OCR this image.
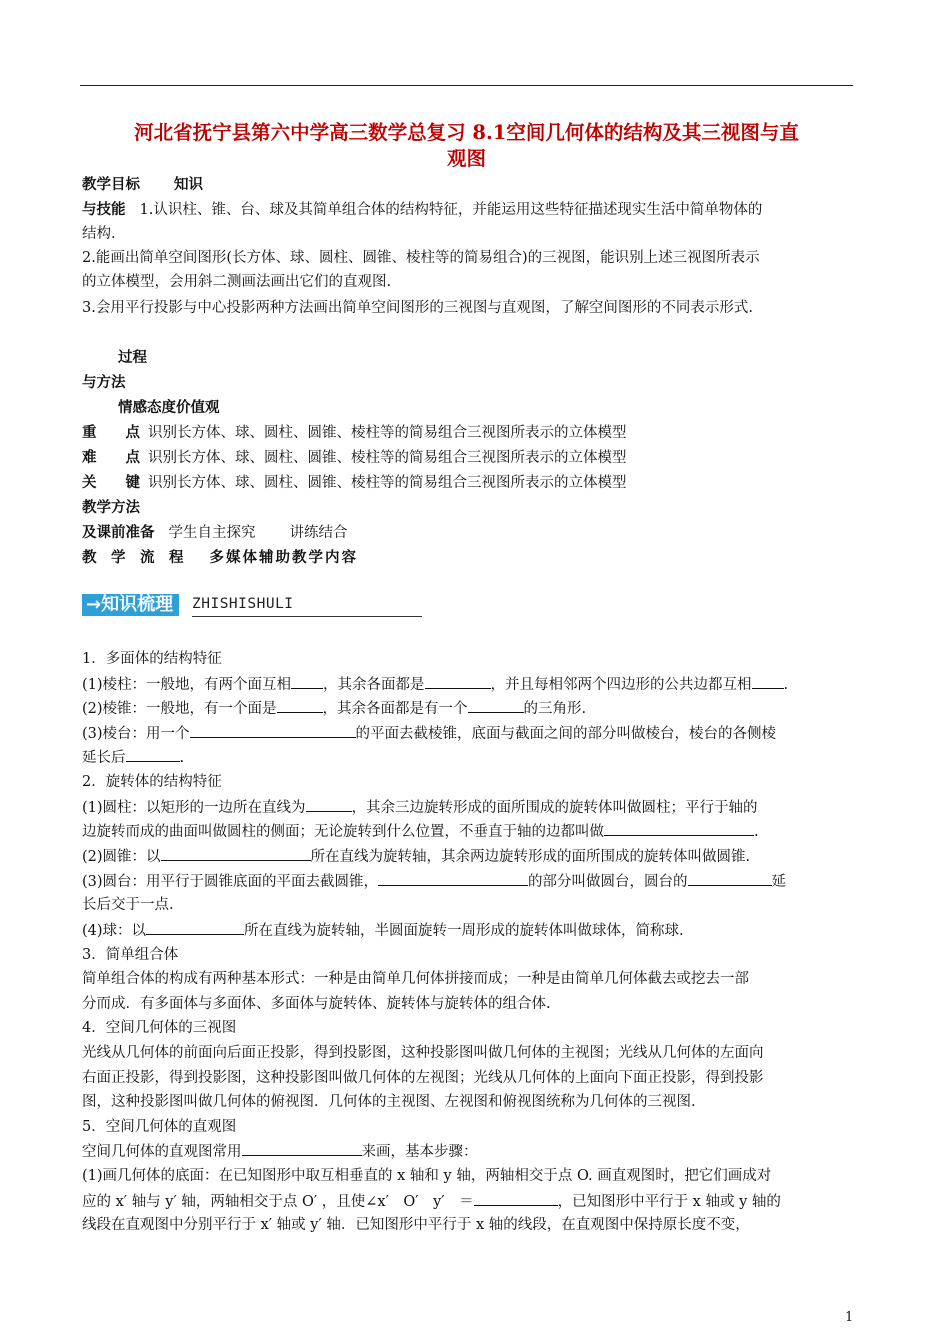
河北省抚宁县第六中学高三数学总复习 8.1空间几何体的结构及其三视图与直
观图
教学目标 知识
与技能 1.认识柱、锥、台、球及其简单组合体的结构特征，并能运用这些特征描述现实生活中简单物体的
结构.
2.能画出简单空间图形(长方体、球、圆柱、圆锥、棱柱等的简易组合)的三视图，能识别上述三视图所表示
的立体模型，会用斜二测画法画出它们的直观图.
3.会用平行投影与中心投影两种方法画出简单空间图形的三视图与直观图，了解空间图形的不同表示形式.
过程
与方法
情感态度价值观
重　　点 识别长方体、球、圆柱、圆锥、棱柱等的简易组合三视图所表示的立体模型
难　　点 识别长方体、球、圆柱、圆锥、棱柱等的简易组合三视图所表示的立体模型
关　　键 识别长方体、球、圆柱、圆锥、棱柱等的简易组合三视图所表示的立体模型
教学方法
及课前准备 学生自主探究 讲练结合
教　学　流　程 多媒体辅助教学内容
→知识梳理	ZHISHISHULI
1．多面体的结构特征
(1)棱柱：一般地，有两个面互相 ，其余各面都是	，并且每相邻两个四边形的公共边都互相 .
(2)棱锥：一般地，有一个面是	，其余各面都是有一个	的三角形.
(3)棱台：用一个	的平面去截棱锥，底面与截面之间的部分叫做棱台，棱台的各侧棱
延长后	.
2．旋转体的结构特征
(1)圆柱：以矩形的一边所在直线为	，其余三边旋转形成的面所围成的旋转体叫做圆柱；平行于轴的
边旋转而成的曲面叫做圆柱的侧面；无论旋转到什么位置，不垂直于轴的边都叫做	.
(2)圆锥：以	所在直线为旋转轴，其余两边旋转形成的面所围成的旋转体叫做圆锥.
(3)圆台：用平行于圆锥底面的平面去截圆锥，	的部分叫做圆台，圆台的	延
长后交于一点.
(4)球：以	所在直线为旋转轴，半圆面旋转一周形成的旋转体叫做球体，简称球.
3．简单组合体
简单组合体的构成有两种基本形式：一种是由简单几何体拼接而成；一种是由简单几何体截去或挖去一部
分而成．有多面体与多面体、多面体与旋转体、旋转体与旋转体的组合体.
4．空间几何体的三视图
光线从几何体的前面向后面正投影，得到投影图，这种投影图叫做几何体的主视图；光线从几何体的左面向
右面正投影，得到投影图，这种投影图叫做几何体的左视图；光线从几何体的上面向下面正投影，得到投影
图，这种投影图叫做几何体的俯视图．几何体的主视图、左视图和俯视图统称为几何体的三视图.
5．空间几何体的直观图
空间几何体的直观图常用	来画，基本步骤：
(1)画几何体的底面：在已知图形中取互相垂直的 x 轴和 y 轴，两轴相交于点 O. 画直观图时，把它们画成对
应的 x′ 轴与 y′ 轴，两轴相交于点 O′ ，且使∠x′　O′　y′　＝	，已知图形中平行于 x 轴或 y 轴的
线段在直观图中分别平行于 x′ 轴或 y′ 轴．已知图形中平行于 x 轴的线段，在直观图中保持原长度不变，
1
